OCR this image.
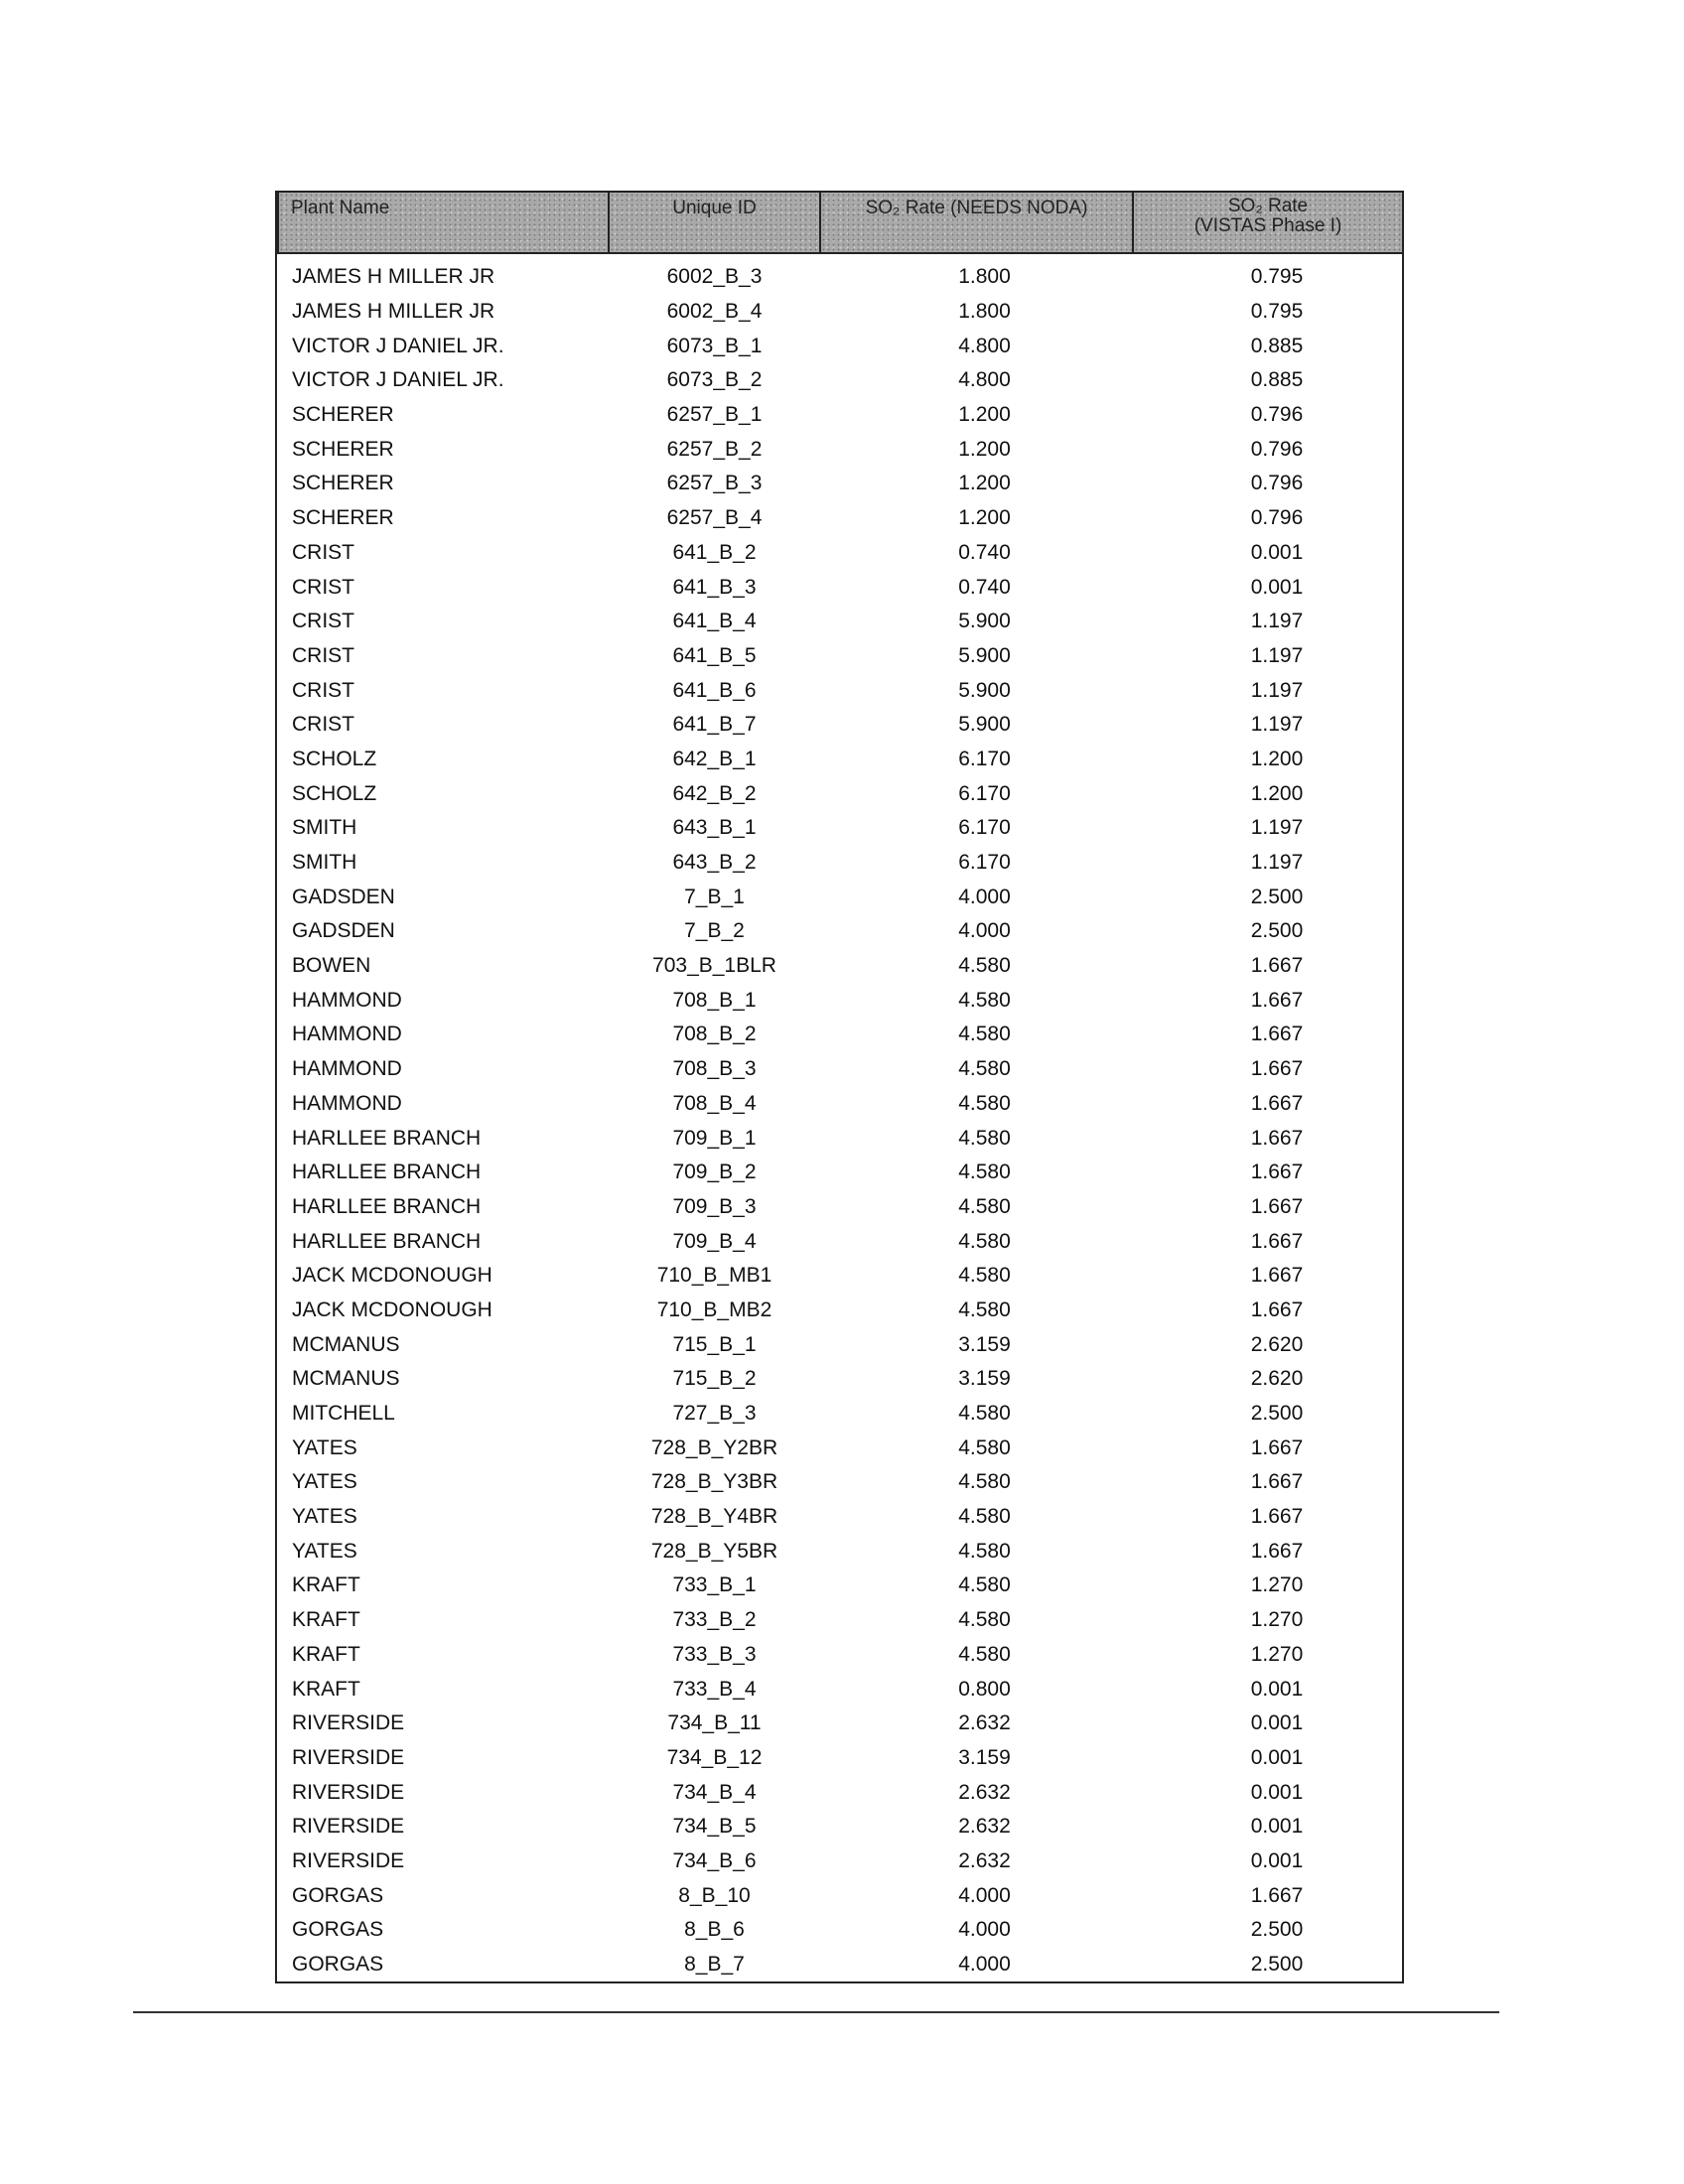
Plant Name	Unique ID	SO₂ Rate (NEEDS NODA)	SO₂ Rate
(VISTAS Phase I)

JAMES H MILLER JR	6002_B_3	1.800	0.795
JAMES H MILLER JR	6002_B_4	1.800	0.795
VICTOR J DANIEL JR.	6073_B_1	4.800	0.885
VICTOR J DANIEL JR.	6073_B_2	4.800	0.885
SCHERER	6257_B_1	1.200	0.796
SCHERER	6257_B_2	1.200	0.796
SCHERER	6257_B_3	1.200	0.796
SCHERER	6257_B_4	1.200	0.796
CRIST	641_B_2	0.740	0.001
CRIST	641_B_3	0.740	0.001
CRIST	641_B_4	5.900	1.197
CRIST	641_B_5	5.900	1.197
CRIST	641_B_6	5.900	1.197
CRIST	641_B_7	5.900	1.197
SCHOLZ	642_B_1	6.170	1.200
SCHOLZ	642_B_2	6.170	1.200
SMITH	643_B_1	6.170	1.197
SMITH	643_B_2	6.170	1.197
GADSDEN	7_B_1	4.000	2.500
GADSDEN	7_B_2	4.000	2.500
BOWEN	703_B_1BLR	4.580	1.667
HAMMOND	708_B_1	4.580	1.667
HAMMOND	708_B_2	4.580	1.667
HAMMOND	708_B_3	4.580	1.667
HAMMOND	708_B_4	4.580	1.667
HARLLEE BRANCH	709_B_1	4.580	1.667
HARLLEE BRANCH	709_B_2	4.580	1.667
HARLLEE BRANCH	709_B_3	4.580	1.667
HARLLEE BRANCH	709_B_4	4.580	1.667
JACK MCDONOUGH	710_B_MB1	4.580	1.667
JACK MCDONOUGH	710_B_MB2	4.580	1.667
MCMANUS	715_B_1	3.159	2.620
MCMANUS	715_B_2	3.159	2.620
MITCHELL	727_B_3	4.580	2.500
YATES	728_B_Y2BR	4.580	1.667
YATES	728_B_Y3BR	4.580	1.667
YATES	728_B_Y4BR	4.580	1.667
YATES	728_B_Y5BR	4.580	1.667
KRAFT	733_B_1	4.580	1.270
KRAFT	733_B_2	4.580	1.270
KRAFT	733_B_3	4.580	1.270
KRAFT	733_B_4	0.800	0.001
RIVERSIDE	734_B_11	2.632	0.001
RIVERSIDE	734_B_12	3.159	0.001
RIVERSIDE	734_B_4	2.632	0.001
RIVERSIDE	734_B_5	2.632	0.001
RIVERSIDE	734_B_6	2.632	0.001
GORGAS	8_B_10	4.000	1.667
GORGAS	8_B_6	4.000	2.500
GORGAS	8_B_7	4.000	2.500
